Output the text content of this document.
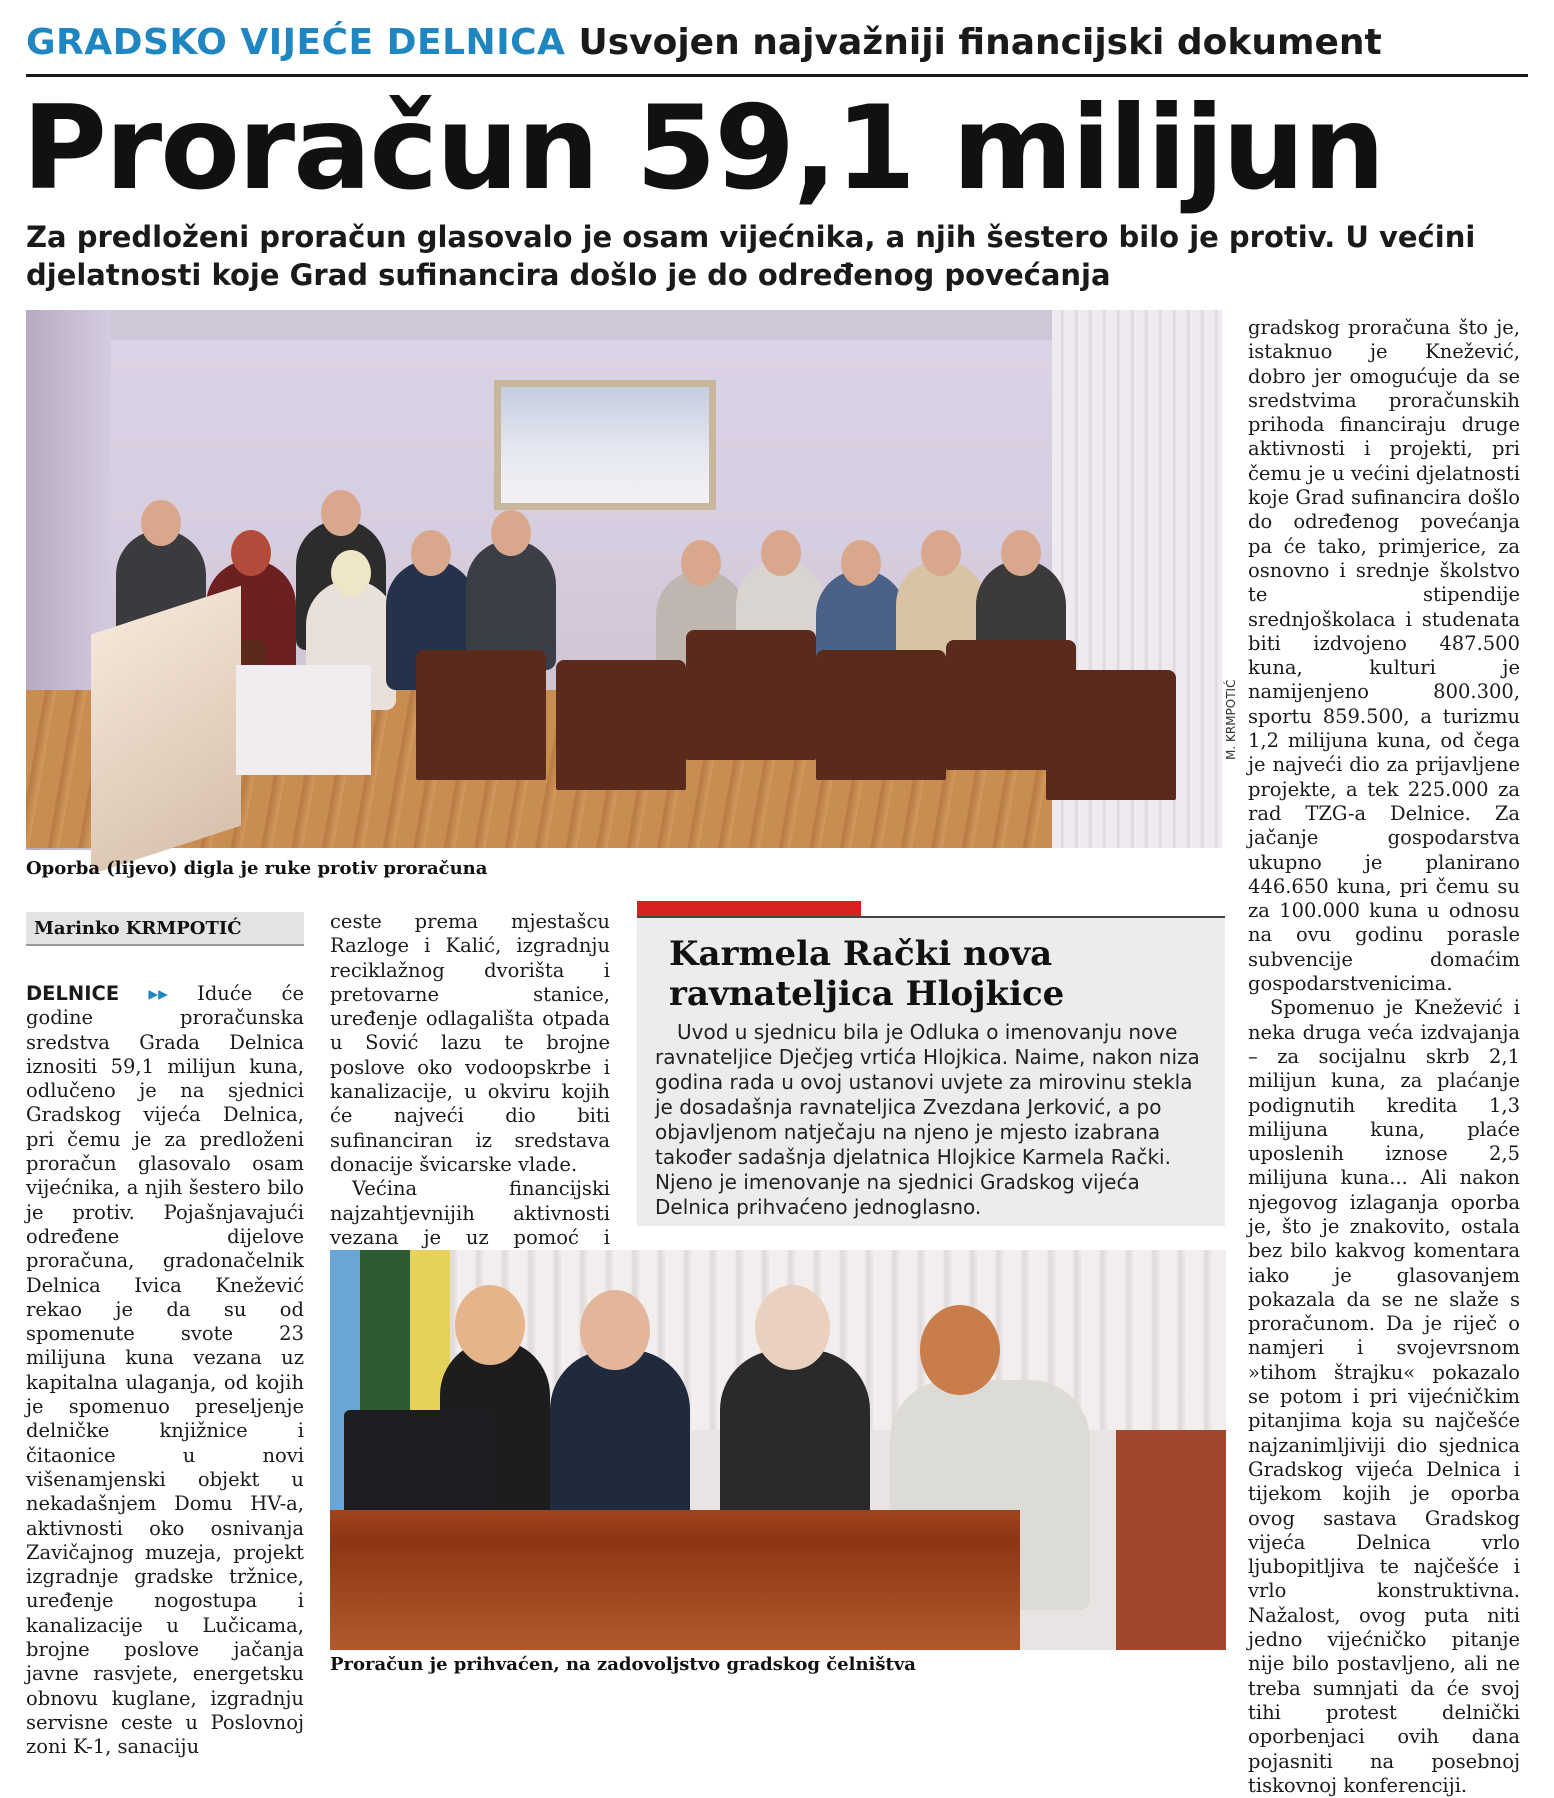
GRADSKO VIJEĆE DELNICA Usvojen najvažniji financijski dokument
Proračun 59,1 milijun
Za predloženi proračun glasovalo je osam vijećnika, a njih šestero bilo je protiv. U većini djelatnosti koje Grad sufinancira došlo je do određenog povećanja
M. KRMPOTIĆ
Oporba (lijevo) digla je ruke protiv proračuna
Marinko KRMPOTIĆ

DELNICE ▸▸ Iduće će godine proračunska sredstva Grada Delnica iznositi 59,1 milijun kuna, odlučeno je na sjednici Gradskog vijeća Delnica, pri čemu je za predloženi proračun glasovalo osam vijećnika, a njih šestero bilo je protiv. Pojašnjavajući određene dijelove proračuna, gradonačelnik Delnica Ivica Knežević rekao je da su od spomenute svote 23 milijuna kuna vezana uz kapitalna ulaganja, od kojih je spomenuo preseljenje delničke knjižnice i čitaonice u novi višenamjenski objekt u nekadašnjem Domu HV-a, aktivnosti oko osnivanja Zavičajnog muzeja, projekt izgradnje gradske tržnice, uređenje nogostupa i kanalizacije u Lučicama, brojne poslove jačanja javne rasvjete, energetsku obnovu kuglane, izgradnju servisne ceste u Poslovnoj zoni K-1, sanaciju

ceste prema mjestašcu Razloge i Kalić, izgradnju reciklažnog dvorišta i pretovarne stanice, uređenje odlagališta otpada u Sović lazu te brojne poslove oko vodoopskrbe i kanalizacije, u okviru kojih će najveći dio biti sufinanciran iz sredstava donacije švicarske vlade.

Većina financijski najzahtjevnijih aktivnosti vezana je uz pomoć i

Karmela Rački nova ravnateljica Hlojkice
Uvod u sjednicu bila je Odluka o imenovanju nove ravnateljice Dječjeg vrtića Hlojkica. Naime, nakon niza godina rada u ovoj ustanovi uvjete za mirovinu stekla je dosadašnja ravnateljica Zvezdana Jerković, a po objavljenom natječaju na njeno je mjesto izabrana također sadašnja djelatnica Hlojkice Karmela Rački. Njeno je imenovanje na sjednici Gradskog vijeća Delnica prihvaćeno jednoglasno.
Proračun je prihvaćen, na zadovoljstvo gradskog čelništva

gradskog proračuna što je, istaknuo je Knežević, dobro jer omogućuje da se sredstvima proračunskih prihoda financiraju druge aktivnosti i projekti, pri čemu je u većini djelatnosti koje Grad sufinancira došlo do određenog povećanja pa će tako, primjerice, za osnovno i srednje školstvo te stipendije srednjoškolaca i studenata biti izdvojeno 487.500 kuna, kulturi je namijenjeno 800.300, sportu 859.500, a turizmu 1,2 milijuna kuna, od čega je najveći dio za prijavljene projekte, a tek 225.000 za rad TZG-a Delnice. Za jačanje gospodarstva ukupno je planirano 446.650 kuna, pri čemu su za 100.000 kuna u odnosu na ovu godinu porasle subvencije domaćim gospodarstvenicima.

Spomenuo je Knežević i neka druga veća izdvajanja – za socijalnu skrb 2,1 milijun kuna, za plaćanje podignutih kredita 1,3 milijuna kuna, plaće uposlenih iznose 2,5 milijuna kuna... Ali nakon njegovog izlaganja oporba je, što je znakovito, ostala bez bilo kakvog komentara iako je glasovanjem pokazala da se ne slaže s proračunom. Da je riječ o namjeri i svojevrsnom »tihom štrajku« pokazalo se potom i pri vijećničkim pitanjima koja su najčešće najzanimljiviji dio sjednica Gradskog vijeća Delnica i tijekom kojih je oporba ovog sastava Gradskog vijeća Delnica vrlo ljubopitljiva te najčešće i vrlo konstruktivna. Nažalost, ovog puta niti jedno vijećničko pitanje nije bilo postavljeno, ali ne treba sumnjati da će svoj tihi protest delnički oporbenjaci ovih dana pojasniti na posebnoj tiskovnoj konferenciji.
